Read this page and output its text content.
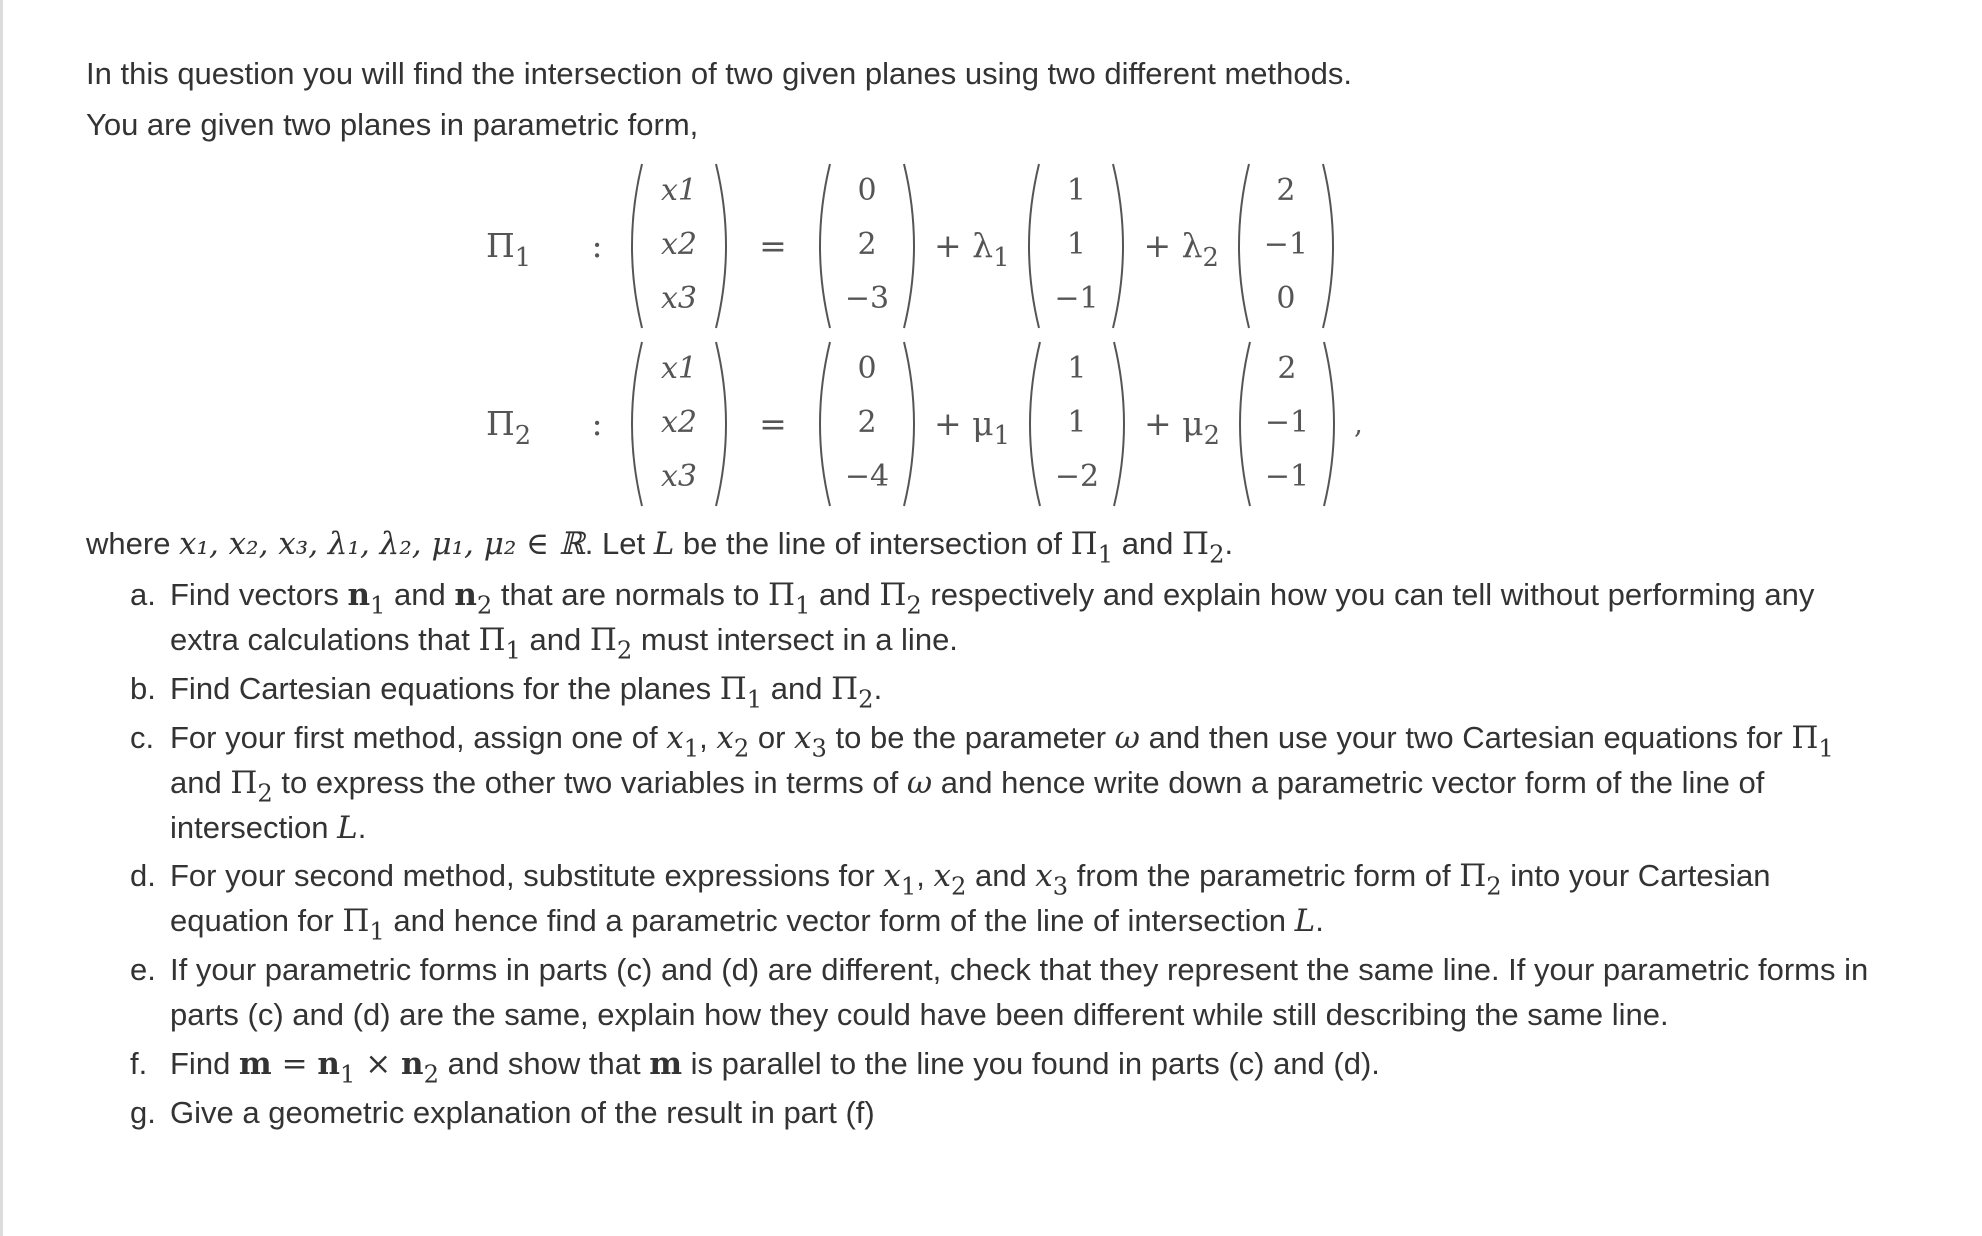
In this question you will find the intersection of two given planes using two different methods.

You are given two planes in parametric form,

$\Pi_1$	:
x1
x2
x3
=
0
2
−3
+ $\lambda_1$
1
1
−1
+ $\lambda_2$
2
−1
0
$\Pi_2$	:
x1
x2
x3
=
0
2
−4
+ $\mu_1$
1
1
−2
+ $\mu_2$
2
−1
−1
,

where x₁, x₂, x₃, λ₁, λ₂, μ₁, μ₂ ∈ ℝ. Let L be the line of intersection of $\Pi_1$ and $\Pi_2$.

a. Find vectors $n_1$ and $n_2$ that are normals to $\Pi_1$ and $\Pi_2$ respectively and explain how you can tell without performing any extra calculations that $\Pi_1$ and $\Pi_2$ must intersect in a line.
b. Find Cartesian equations for the planes $\Pi_1$ and $\Pi_2$.
c. For your first method, assign one of $x_1$, $x_2$ or $x_3$ to be the parameter ω and then use your two Cartesian equations for $\Pi_1$ and $\Pi_2$ to express the other two variables in terms of ω and hence write down a parametric vector form of the line of intersection L.
d. For your second method, substitute expressions for $x_1$, $x_2$ and $x_3$ from the parametric form of $\Pi_2$ into your Cartesian equation for $\Pi_1$ and hence find a parametric vector form of the line of intersection L.
e. If your parametric forms in parts (c) and (d) are different, check that they represent the same line. If your parametric forms in parts (c) and (d) are the same, explain how they could have been different while still describing the same line.
f. Find $m = n_1 \times n_2$ and show that m is parallel to the line you found in parts (c) and (d).
g. Give a geometric explanation of the result in part (f)
